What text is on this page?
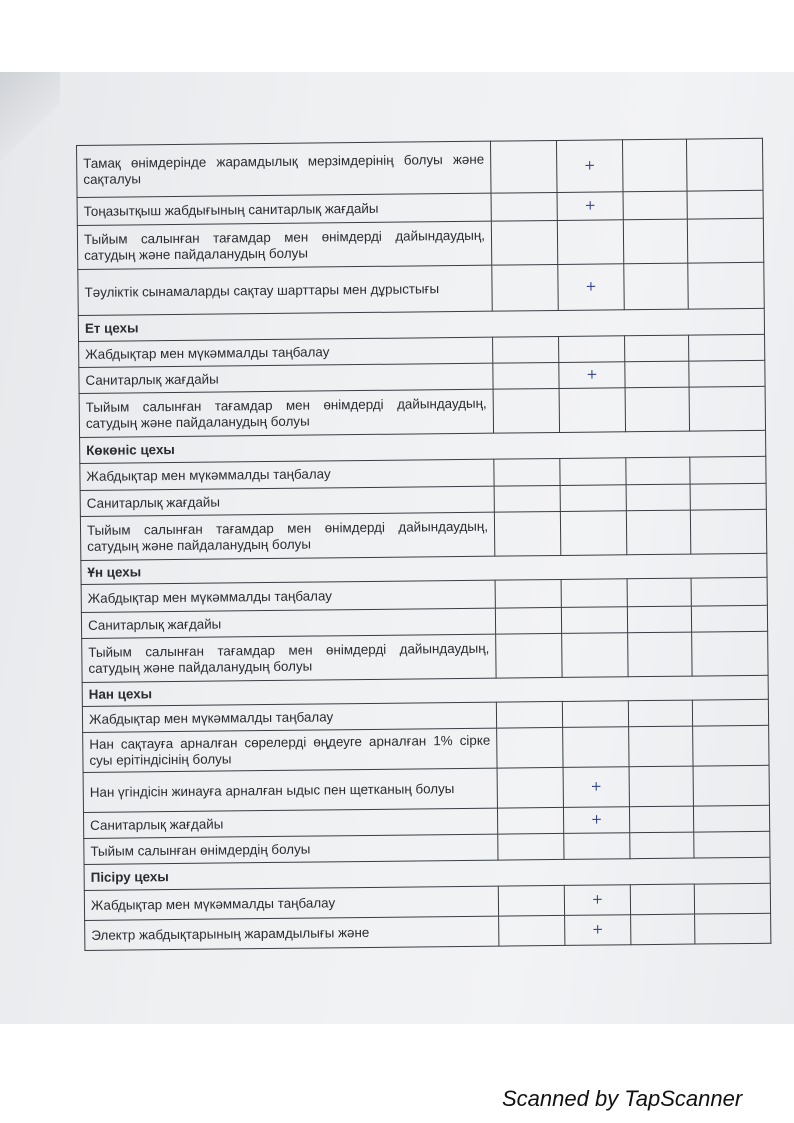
Тамақ өнімдерінде жарамдылық мерзімдерінің болуы және сақталуы		+		
Тоңазытқыш жабдығының санитарлық жағдайы		+		
Тыйым салынған тағамдар мен өнімдерді дайындаудың, сатудың және пайдаланудың болуы				
Тәуліктік сынамаларды сақтау шарттары мен дұрыстығы		+		
Ет цехы				
Жабдықтар мен мүкәммалды таңбалау				
Санитарлық жағдайы		+		
Тыйым салынған тағамдар мен өнімдерді дайындаудың, сатудың және пайдаланудың болуы				
Көкөніс цехы				
Жабдықтар мен мүкәммалды таңбалау				
Санитарлық жағдайы				
Тыйым салынған тағамдар мен өнімдерді дайындаудың, сатудың және пайдаланудың болуы				
Ұн цехы				
Жабдықтар мен мүкәммалды таңбалау				
Санитарлық жағдайы				
Тыйым салынған тағамдар мен өнімдерді дайындаудың, сатудың және пайдаланудың болуы				
Нан цехы				
Жабдықтар мен мүкәммалды таңбалау				
Нан сақтауға арналған сөрелерді өңдеуге арналған 1% сірке суы ерітіндісінің болуы				
Нан үгіндісін жинауға арналған ыдыс пен щетканың болуы		+		
Санитарлық жағдайы		+		
Тыйым салынған өнімдердің болуы				
Пісіру цехы				
Жабдықтар мен мүкәммалды таңбалау		+		
Электр жабдықтарының жарамдылығы және		+		
Scanned by TapScanner
